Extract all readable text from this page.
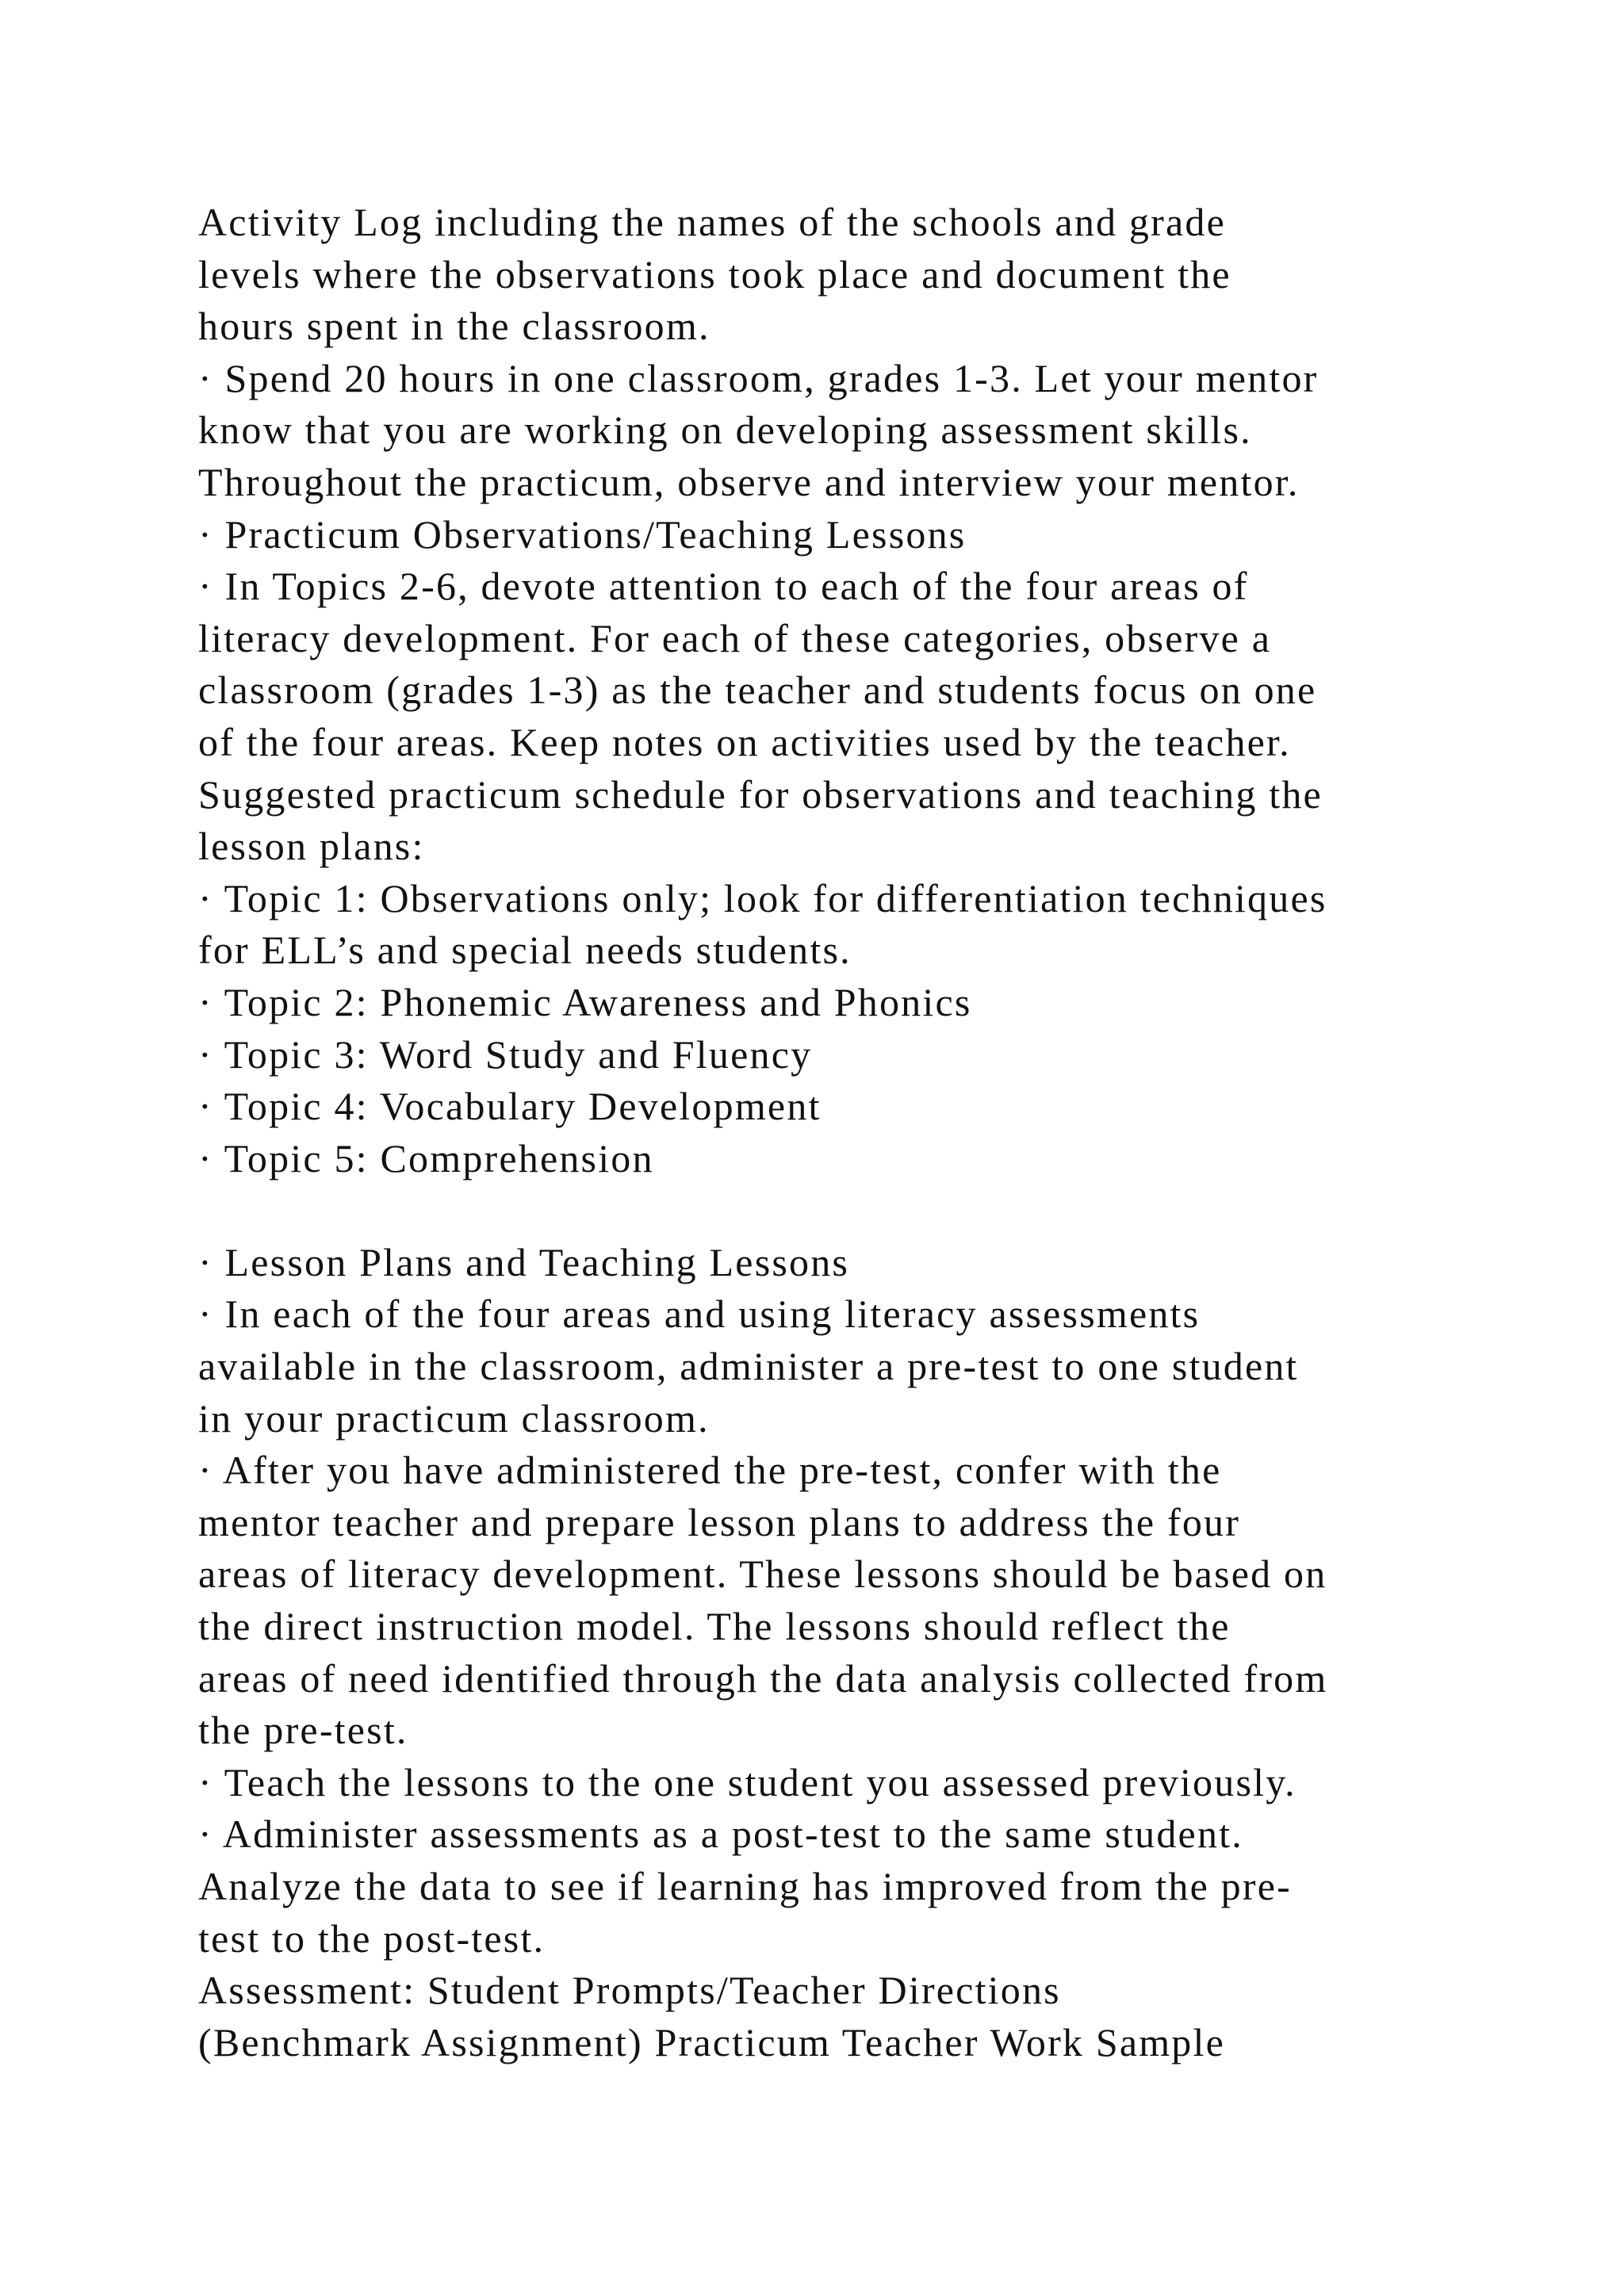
Activity Log including the names of the schools and grade
levels where the observations took place and document the
hours spent in the classroom.
· Spend 20 hours in one classroom, grades 1-3. Let your mentor
know that you are working on developing assessment skills.
Throughout the practicum, observe and interview your mentor.
· Practicum Observations/Teaching Lessons
· In Topics 2-6, devote attention to each of the four areas of
literacy development. For each of these categories, observe a
classroom (grades 1-3) as the teacher and students focus on one
of the four areas. Keep notes on activities used by the teacher.
Suggested practicum schedule for observations and teaching the
lesson plans:
· Topic 1: Observations only; look for differentiation techniques
for ELL’s and special needs students.
· Topic 2: Phonemic Awareness and Phonics
· Topic 3: Word Study and Fluency
· Topic 4: Vocabulary Development
· Topic 5: Comprehension
· Lesson Plans and Teaching Lessons
· In each of the four areas and using literacy assessments
available in the classroom, administer a pre-test to one student
in your practicum classroom.
· After you have administered the pre-test, confer with the
mentor teacher and prepare lesson plans to address the four
areas of literacy development. These lessons should be based on
the direct instruction model. The lessons should reflect the
areas of need identified through the data analysis collected from
the pre-test.
· Teach the lessons to the one student you assessed previously.
· Administer assessments as a post-test to the same student.
Analyze the data to see if learning has improved from the pre-
test to the post-test.
Assessment: Student Prompts/Teacher Directions
(Benchmark Assignment) Practicum Teacher Work Sample
